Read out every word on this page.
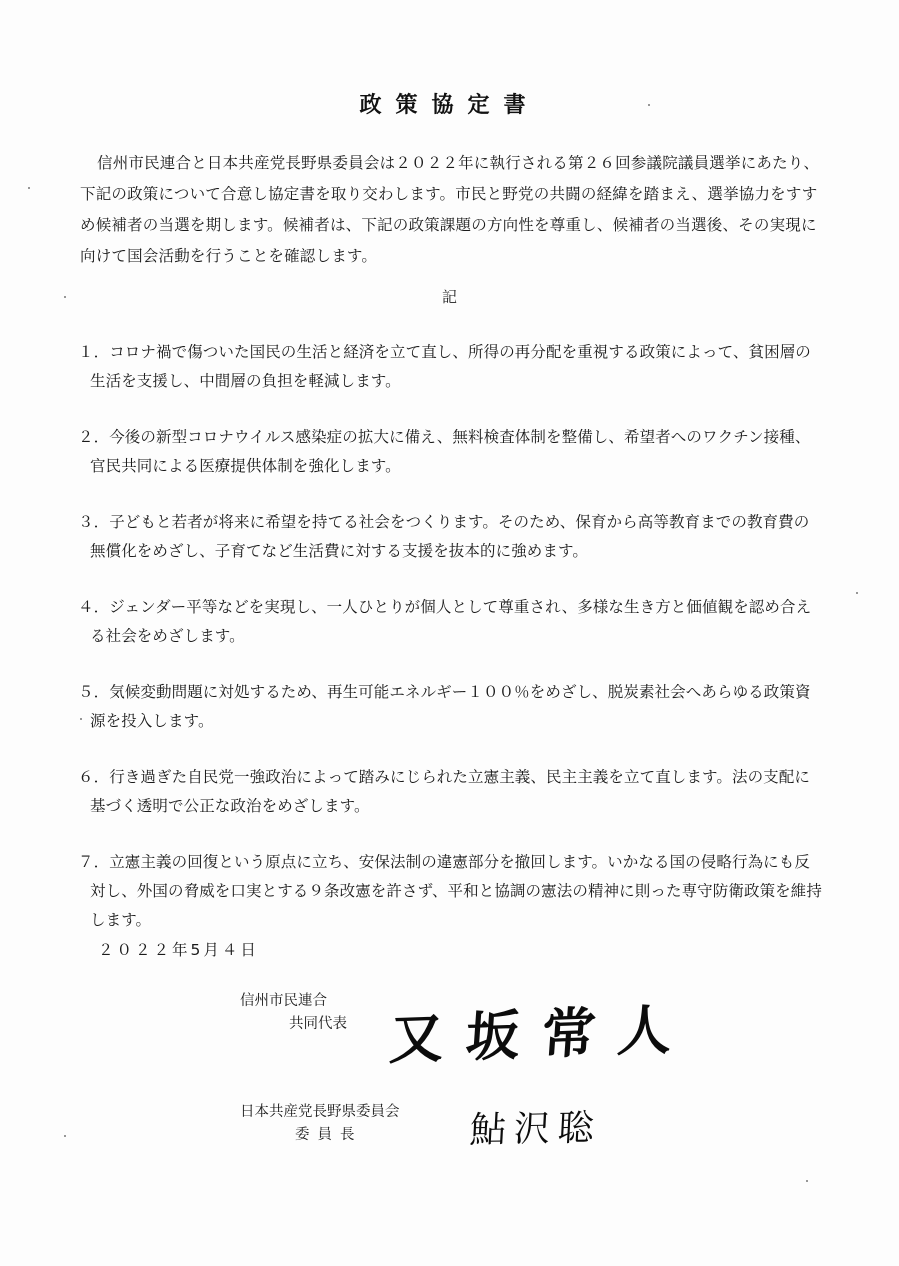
政策協定書

信州市民連合と日本共産党長野県委員会は２０２２年に執行される第２６回参議院議員選挙にあたり、下記の政策について合意し協定書を取り交わします。市民と野党の共闘の経緯を踏まえ、選挙協力をすすめ候補者の当選を期します。候補者は、下記の政策課題の方向性を尊重し、候補者の当選後、その実現に向けて国会活動を行うことを確認します。

記
１．コロナ禍で傷ついた国民の生活と経済を立て直し、所得の再分配を重視する政策によって、貧困層の生活を支援し、中間層の負担を軽減します。
２．今後の新型コロナウイルス感染症の拡大に備え、無料検査体制を整備し、希望者へのワクチン接種、官民共同による医療提供体制を強化します。
３．子どもと若者が将来に希望を持てる社会をつくります。そのため、保育から高等教育までの教育費の無償化をめざし、子育てなど生活費に対する支援を抜本的に強めます。
４．ジェンダー平等などを実現し、一人ひとりが個人として尊重され、多様な生き方と価値観を認め合える社会をめざします。
５．気候変動問題に対処するため、再生可能エネルギー１００％をめざし、脱炭素社会へあらゆる政策資源を投入します。
６．行き過ぎた自民党一強政治によって踏みにじられた立憲主義、民主主義を立て直します。法の支配に基づく透明で公正な政治をめざします。
７．立憲主義の回復という原点に立ち、安保法制の違憲部分を撤回します。いかなる国の侵略行為にも反対し、外国の脅威を口実とする９条改憲を許さず、平和と協調の憲法の精神に則った専守防衛政策を維持します。
２０２２年5月４日
信州市民連合
共同代表 又坂常人
日本共産党長野県委員会
委員長	鮎沢聡
